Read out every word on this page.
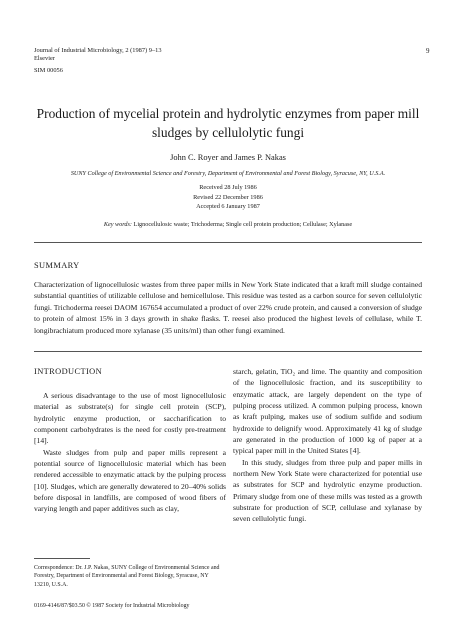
Journal of Industrial Microbiology, 2 (1987) 9–13
Elsevier
SIM 00056
9
Production of mycelial protein and hydrolytic enzymes from paper mill sludges by cellulolytic fungi
John C. Royer and James P. Nakas
SUNY College of Environmental Science and Forestry, Department of Environmental and Forest Biology, Syracuse, NY, U.S.A.
Received 28 July 1986
Revised 22 December 1986
Accepted 6 January 1987
Key words: Lignocellulosic waste; Trichoderma; Single cell protein production; Cellulase; Xylanase
SUMMARY
Characterization of lignocellulosic wastes from three paper mills in New York State indicated that a kraft mill sludge contained substantial quantities of utilizable cellulose and hemicellulose. This residue was tested as a carbon source for seven cellulolytic fungi. Trichoderma reesei DAOM 167654 accumulated a product of over 22% crude protein, and caused a conversion of sludge to protein of almost 15% in 3 days growth in shake flasks. T. reesei also produced the highest levels of cellulase, while T. longibrachiatum produced more xylanase (35 units/ml) than other fungi examined.
INTRODUCTION

A serious disadvantage to the use of most lignocellulosic material as substrate(s) for single cell protein (SCP), hydrolytic enzyme production, or saccharification to component carbohydrates is the need for costly pre-treatment [14].

Waste sludges from pulp and paper mills represent a potential source of lignocellulosic material which has been rendered accessible to enzymatic attack by the pulping process [10]. Sludges, which are generally dewatered to 20–40% solids before disposal in landfills, are composed of wood fibers of varying length and paper additives such as clay,

starch, gelatin, TiO₂ and lime. The quantity and composition of the lignocellulosic fraction, and its susceptibility to enzymatic attack, are largely dependent on the type of pulping process utilized. A common pulping process, known as kraft pulping, makes use of sodium sulfide and sodium hydroxide to delignify wood. Approximately 41 kg of sludge are generated in the production of 1000 kg of paper at a typical paper mill in the United States [4].

In this study, sludges from three pulp and paper mills in northern New York State were characterized for potential use as substrates for SCP and hydrolytic enzyme production. Primary sludge from one of these mills was tested as a growth substrate for production of SCP, cellulase and xylanase by seven cellulolytic fungi.

Correspondence: Dr. J.P. Nakas, SUNY College of Environmental Science and Forestry, Department of Environmental and Forest Biology, Syracuse, NY 13210, U.S.A.
0169-4146/87/$03.50 © 1987 Society for Industrial Microbiology
